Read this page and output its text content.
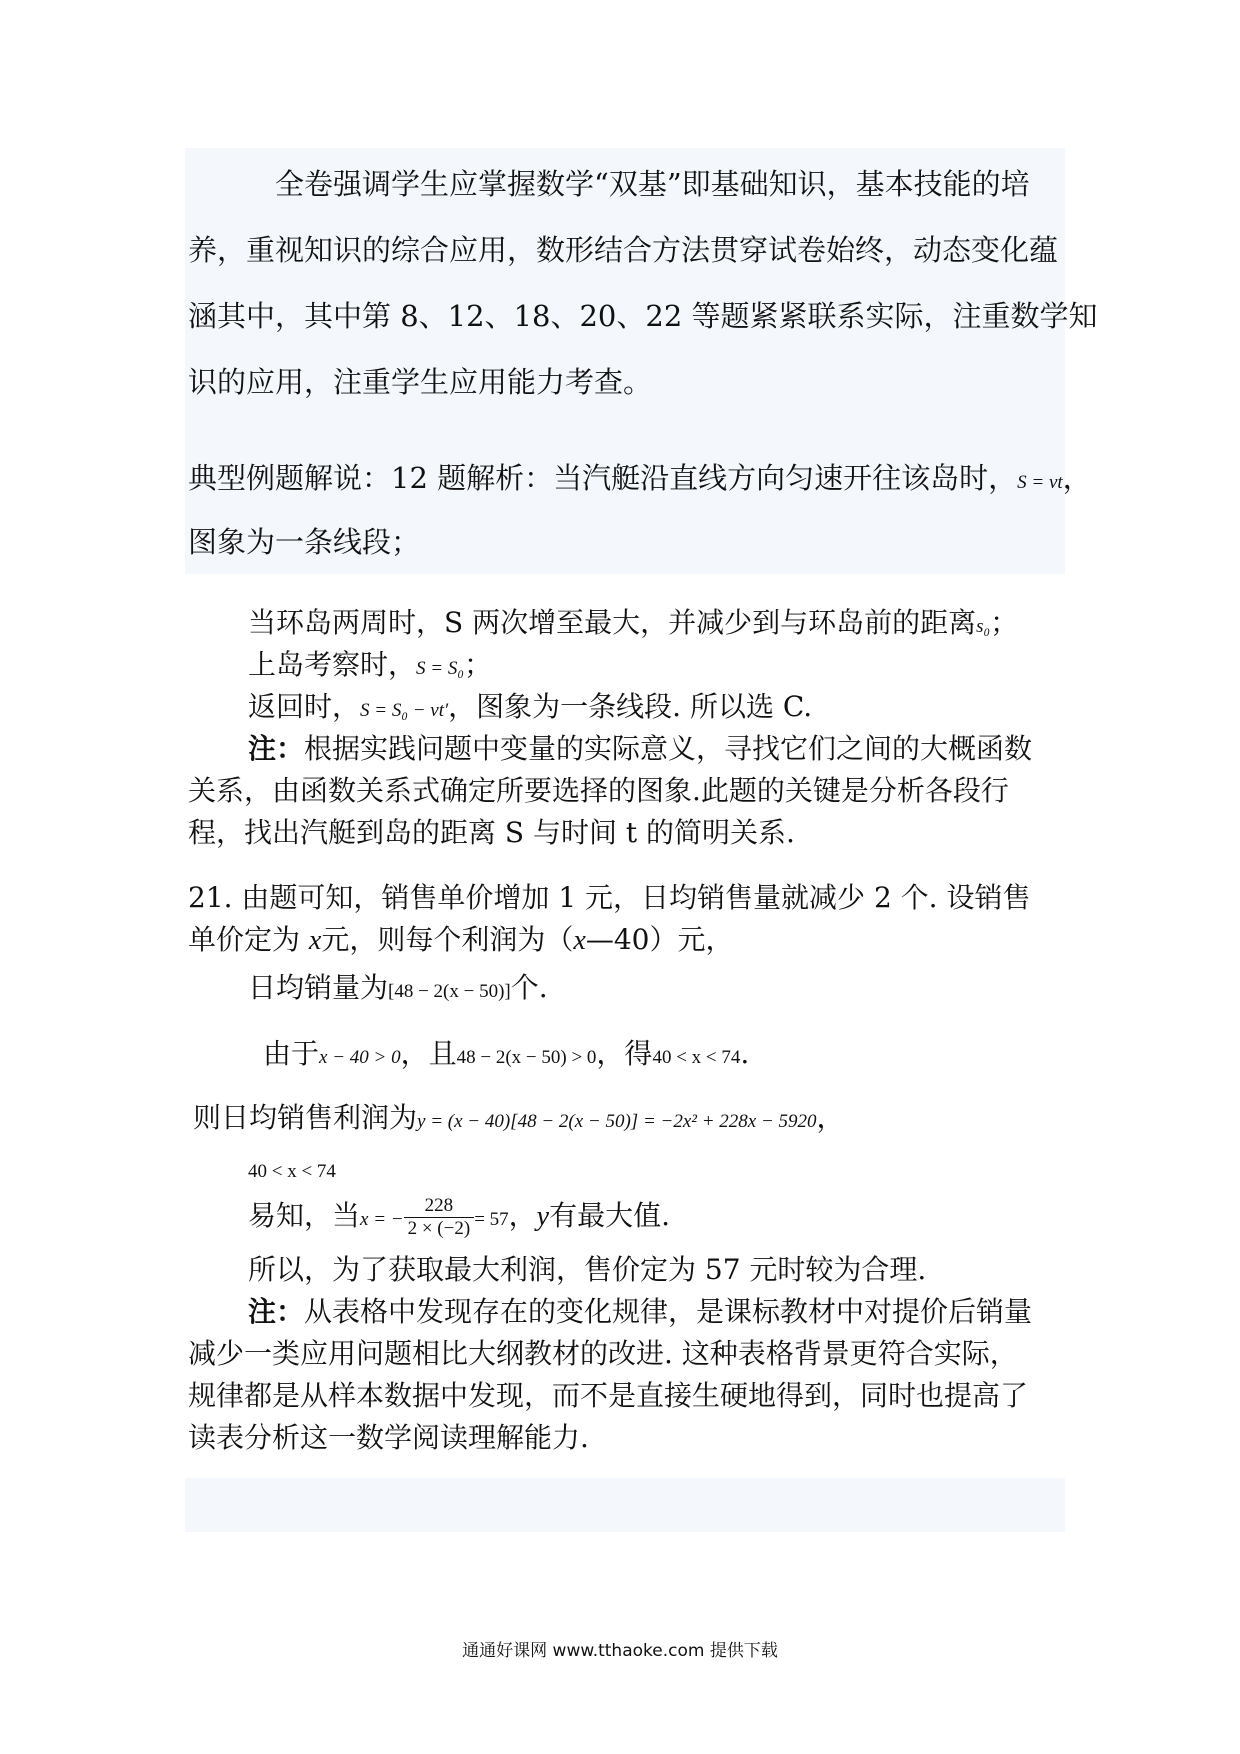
全卷强调学生应掌握数学“双基”即基础知识，基本技能的培
养，重视知识的综合应用，数形结合方法贯穿试卷始终，动态变化蕴
涵其中，其中第 8、12、18、20、22 等题紧紧联系实际，注重数学知
识的应用，注重学生应用能力考查。
典型例题解说：12 题解析：当汽艇沿直线方向匀速开往该岛时，S = vt，
图象为一条线段；
当环岛两周时，S 两次增至最大，并减少到与环岛前的距离s₀；
上岛考察时，S = S₀；
返回时，S = S₀ − vt′，图象为一条线段. 所以选 C.
注：根据实践问题中变量的实际意义，寻找它们之间的大概函数
关系，由函数关系式确定所要选择的图象.此题的关键是分析各段行
程，找出汽艇到岛的距离 S 与时间 t 的简明关系.
21. 由题可知，销售单价增加 1 元，日均销售量就减少 2 个. 设销售
单价定为 x元，则每个利润为（x—40）元，
日均销量为[48 − 2(x − 50)]个.
由于x − 40 > 0，且48 − 2(x − 50) > 0，得40 < x < 74.
则日均销售利润为y = (x − 40)[48 − 2(x − 50)] = −2x² + 228x − 5920，
40 < x < 74
易知，当x = − $\frac{228}{2 \times (-2)} = 57$，y有最大值.
所以，为了获取最大利润，售价定为 57 元时较为合理.
注：从表格中发现存在的变化规律，是课标教材中对提价后销量
减少一类应用问题相比大纲教材的改进. 这种表格背景更符合实际，
规律都是从样本数据中发现，而不是直接生硬地得到，同时也提高了
读表分析这一数学阅读理解能力.
通通好课网 www.tthaoke.com 提供下载
